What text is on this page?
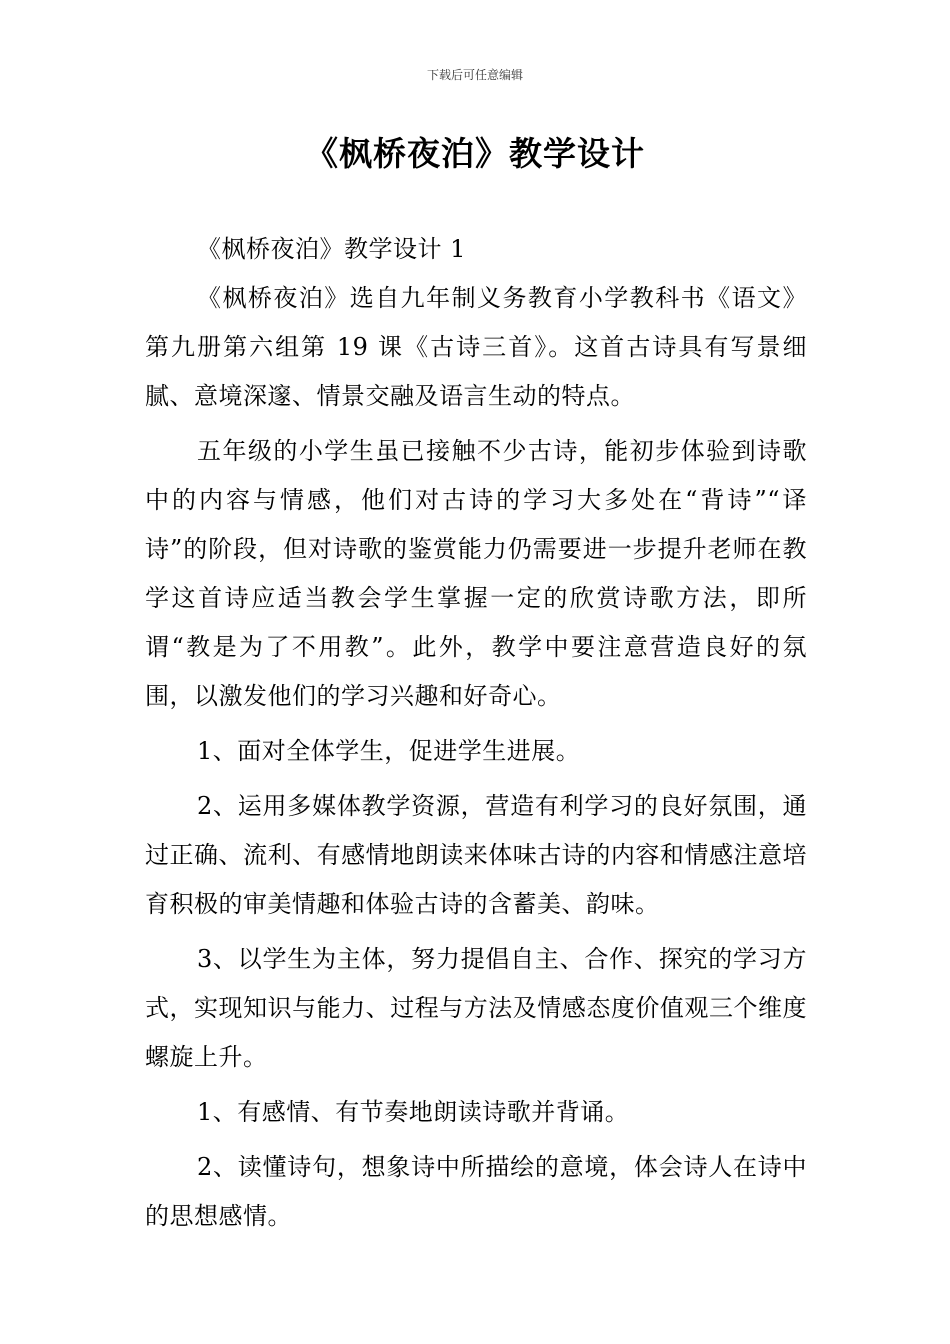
下载后可任意编辑
《枫桥夜泊》教学设计

《枫桥夜泊》教学设计 1

《枫桥夜泊》选自九年制义务教育小学教科书《语文》第九册第六组第 19 课《古诗三首》。这首古诗具有写景细腻、意境深邃、情景交融及语言生动的特点。

五年级的小学生虽已接触不少古诗，能初步体验到诗歌中的内容与情感，他们对古诗的学习大多处在“背诗”“译诗”的阶段，但对诗歌的鉴赏能力仍需要进一步提升老师在教学这首诗应适当教会学生掌握一定的欣赏诗歌方法，即所谓“教是为了不用教”。此外，教学中要注意营造良好的氛围，以激发他们的学习兴趣和好奇心。

1、面对全体学生，促进学生进展。

2、运用多媒体教学资源，营造有利学习的良好氛围，通过正确、流利、有感情地朗读来体味古诗的内容和情感注意培育积极的审美情趣和体验古诗的含蓄美、韵味。

3、以学生为主体，努力提倡自主、合作、探究的学习方式，实现知识与能力、过程与方法及情感态度价值观三个维度螺旋上升。

1、有感情、有节奏地朗读诗歌并背诵。

2、读懂诗句，想象诗中所描绘的意境，体会诗人在诗中的思想感情。
